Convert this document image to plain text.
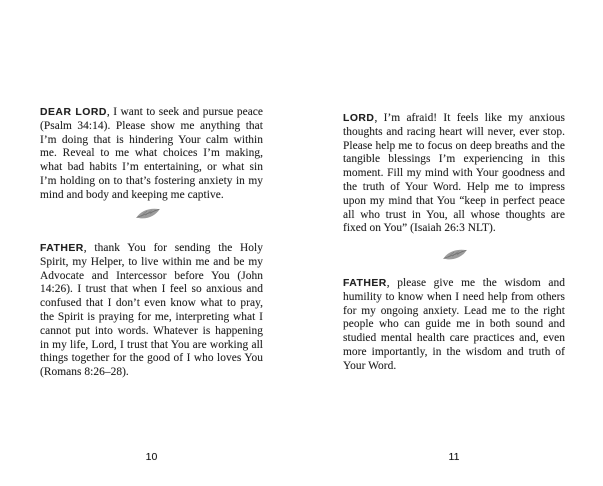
DEAR LORD, I want to seek and pursue peace (Psalm 34:14). Please show me anything that I’m doing that is hindering Your calm within me. Reveal to me what choices I’m making, what bad habits I’m entertaining, or what sin I’m holding on to that’s fostering anxiety in my mind and body and keeping me captive.
FATHER, thank You for sending the Holy Spirit, my Helper, to live within me and be my Advocate and Intercessor before You (John 14:26). I trust that when I feel so anxious and confused that I don’t even know what to pray, the Spirit is praying for me, interpreting what I cannot put into words. Whatever is happening in my life, Lord, I trust that You are working all things together for the good of I who loves You (Romans 8:26–28).
10
LORD, I’m afraid! It feels like my anxious thoughts and racing heart will never, ever stop. Please help me to focus on deep breaths and the tangible blessings I’m experiencing in this moment. Fill my mind with Your goodness and the truth of Your Word. Help me to impress upon my mind that You “keep in perfect peace all who trust in You, all whose thoughts are fixed on You” (Isaiah 26:3 NLT).
FATHER, please give me the wisdom and humility to know when I need help from others for my ongoing anxiety. Lead me to the right people who can guide me in both sound and studied mental health care practices and, even more importantly, in the wisdom and truth of Your Word.
11
